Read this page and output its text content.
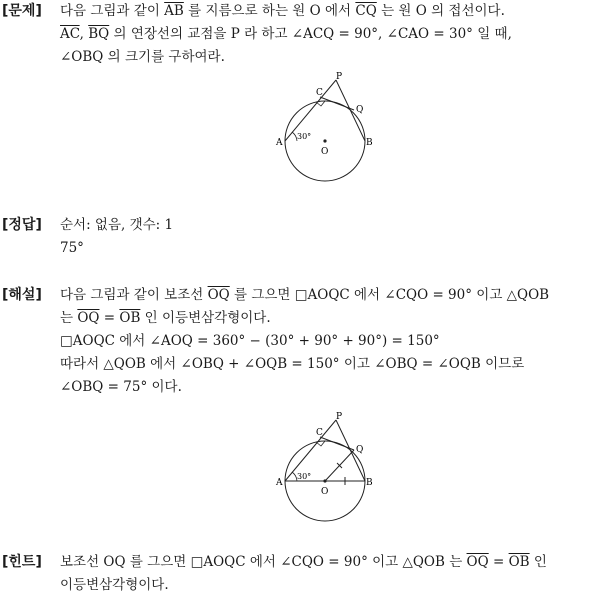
[문제] 다음 그림과 같이 $\overline{AB}$ 를 지름으로 하는 원 O 에서 $\overline{CQ}$ 는 원 O 의 접선이다.
$\overline{AC}$, $\overline{BQ}$ 의 연장선의 교점을 P 라 하고 ∠ACQ = 90°, ∠CAO = 30° 일 때,
∠OBQ 의 크기를 구하여라.
P
C
Q
A	B
O
30°
[정답] 순서: 없음, 갯수: 1
75°
[해설] 다음 그림과 같이 보조선 $\overline{OQ}$ 를 그으면 □AOQC 에서 ∠CQO = 90° 이고 △QOB
는 $\overline{OQ} = \overline{OB}$ 인 이등변삼각형이다.
□AOQC 에서 ∠AOQ = 360° − (30° + 90° + 90°) = 150°
따라서 △QOB 에서 ∠OBQ + ∠OQB = 150° 이고 ∠OBQ = ∠OQB 이므로
∠OBQ = 75° 이다.
P
C
Q
A	B
O
30°
[힌트] 보조선 OQ 를 그으면 □AOQC 에서 ∠CQO = 90° 이고 △QOB 는 $\overline{OQ} = \overline{OB}$ 인
이등변삼각형이다.
